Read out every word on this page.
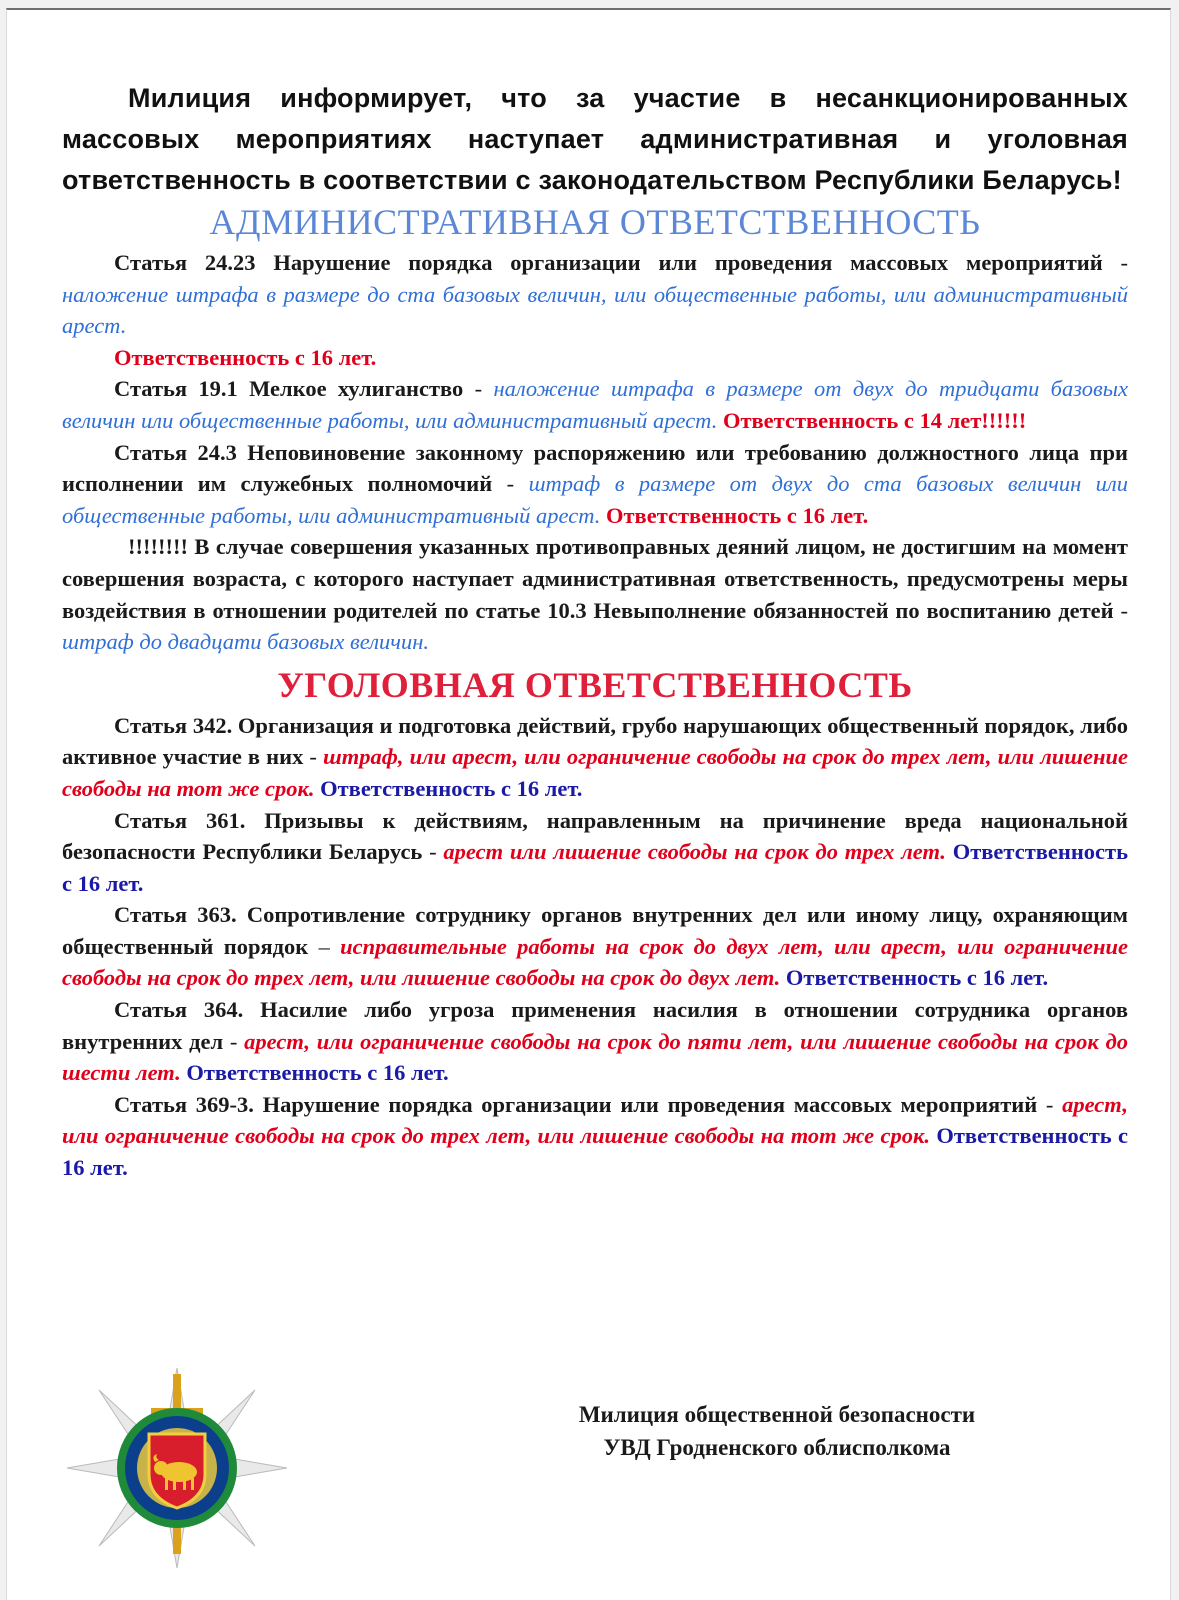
Милиция информирует, что за участие в несанкционированных массовых мероприятиях наступает административная и уголовная ответственность в соответствии с законодательством Республики Беларусь!

АДМИНИСТРАТИВНАЯ ОТВЕТСТВЕННОСТЬ

Статья 24.23 Нарушение порядка организации или проведения массовых мероприятий - наложение штрафа в размере до ста базовых величин, или общественные работы, или административный арест.

Ответственность с 16 лет.

Статья 19.1 Мелкое хулиганство - наложение штрафа в размере от двух до тридцати базовых величин или общественные работы, или административный арест. Ответственность с 14 лет!!!!!!

Статья 24.3 Неповиновение законному распоряжению или требованию должностного лица при исполнении им служебных полномочий - штраф в размере от двух до ста базовых величин или общественные работы, или административный арест. Ответственность с 16 лет.

!!!!!!!! В случае совершения указанных противоправных деяний лицом, не достигшим на момент совершения возраста, с которого наступает административная ответственность, предусмотрены меры воздействия в отношении родителей по статье 10.3 Невыполнение обязанностей по воспитанию детей - штраф до двадцати базовых величин.

УГОЛОВНАЯ ОТВЕТСТВЕННОСТЬ

Статья 342. Организация и подготовка действий, грубо нарушающих общественный порядок, либо активное участие в них - штраф, или арест, или ограничение свободы на срок до трех лет, или лишение свободы на тот же срок. Ответственность с 16 лет.

Статья 361. Призывы к действиям, направленным на причинение вреда национальной безопасности Республики Беларусь - арест или лишение свободы на срок до трех лет. Ответственность с 16 лет.

Статья 363. Сопротивление сотруднику органов внутренних дел или иному лицу, охраняющим общественный порядок – исправительные работы на срок до двух лет, или арест, или ограничение свободы на срок до трех лет, или лишение свободы на срок до двух лет. Ответственность с 16 лет.

Статья 364. Насилие либо угроза применения насилия в отношении сотрудника органов внутренних дел - арест, или ограничение свободы на срок до пяти лет, или лишение свободы на срок до шести лет. Ответственность с 16 лет.

Статья 369-3. Нарушение порядка организации или проведения массовых мероприятий - арест, или ограничение свободы на срок до трех лет, или лишение свободы на тот же срок. Ответственность с 16 лет.

Милиция общественной безопасности
УВД Гродненского облисполкома
